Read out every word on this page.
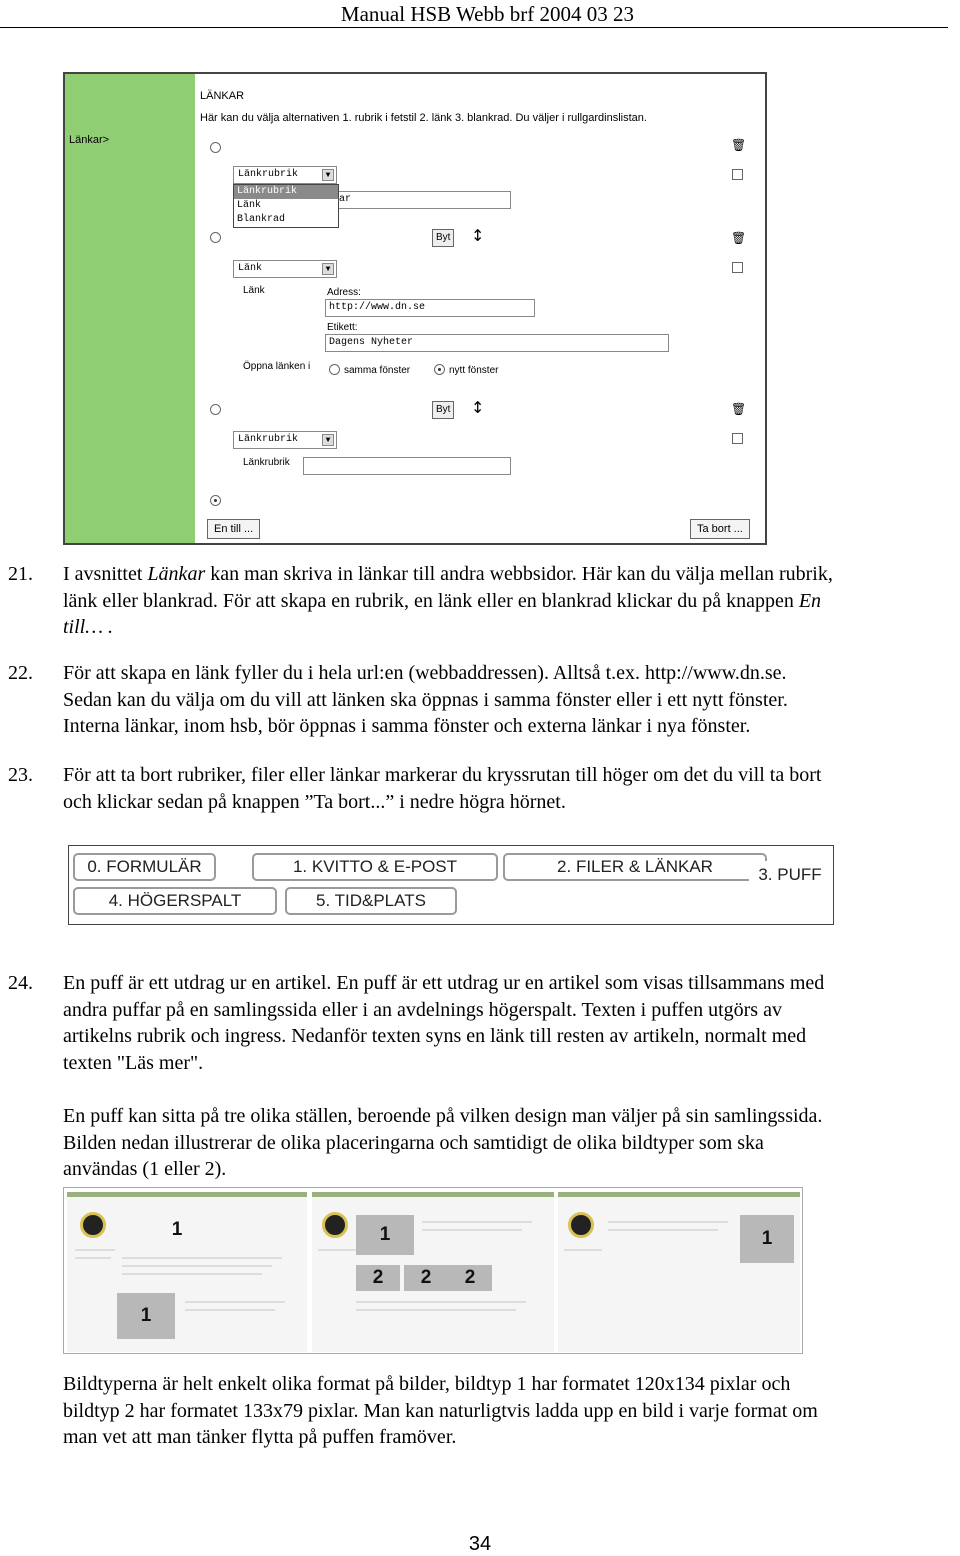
Manual HSB Webb brf 2004 03 23
Länkar>
LÄNKAR
Här kan du välja alternativen 1. rubrik i fetstil 2. länk 3. blankrad. Du väljer i rullgardinslistan.
🗑
ar
Länkrubrik	▼
Länkrubrik
Länk
Blankrad
Byt ↕	🗑
Länk	▼
Länk	Adress:
http://www.dn.se
Etikett:
Dagens Nyheter
Öppna länken i	samma fönster	nytt fönster
Byt ↕	🗑
Länkrubrik	▼
Länkrubrik
En till ...	Ta bort ...
21. I avsnittet Länkar kan man skriva in länkar till andra webbsidor. Här kan du välja mellan rubrik,
länk eller blankrad. För att skapa en rubrik, en länk eller en blankrad klickar du på knappen En
till… .
22. För att skapa en länk fyller du i hela url:en (webbaddressen). Alltså t.ex. http://www.dn.se.
Sedan kan du välja om du vill att länken ska öppnas i samma fönster eller i ett nytt fönster.
Interna länkar, inom hsb, bör öppnas i samma fönster och externa länkar i nya fönster.
23. För att ta bort rubriker, filer eller länkar markerar du kryssrutan till höger om det du vill ta bort
och klickar sedan på knappen ”Ta bort...” i nedre högra hörnet.
0. FORMULÄR	1. KVITTO & E-POST	2. FILER & LÄNKAR	3. PUFF
4. HÖGERSPALT	5. TID&PLATS
24. En puff är ett utdrag ur en artikel. En puff är ett utdrag ur en artikel som visas tillsammans med
andra puffar på en samlingssida eller i an avdelnings högerspalt. Texten i puffen utgörs av
artikelns rubrik och ingress. Nedanför texten syns en länk till resten av artikeln, normalt med
texten "Läs mer".
En puff kan sitta på tre olika ställen, beroende på vilken design man väljer på sin samlingssida.
Bilden nedan illustrerar de olika placeringarna och samtidigt de olika bildtyper som ska
användas (1 eller 2).
1
1
1
2	2	2
1
Bildtyperna är helt enkelt olika format på bilder, bildtyp 1 har formatet 120x134 pixlar och
bildtyp 2 har formatet 133x79 pixlar. Man kan naturligtvis ladda upp en bild i varje format om
man vet att man tänker flytta på puffen framöver.
34
